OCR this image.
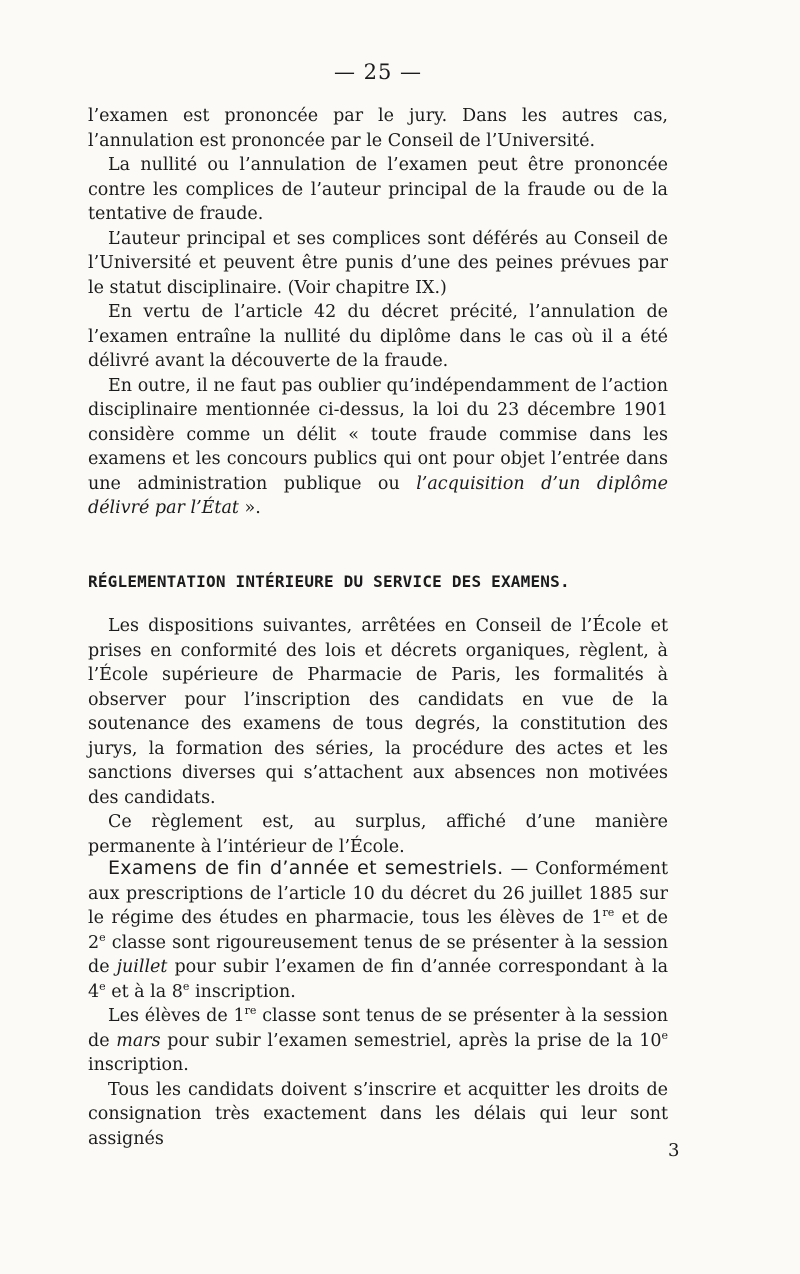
— 25 —

l’examen est prononcée par le jury. Dans les autres cas, l’annulation est prononcée par le Conseil de l’Université.

La nullité ou l’annulation de l’examen peut être prononcée contre les complices de l’auteur principal de la fraude ou de la tentative de fraude.

L’auteur principal et ses complices sont déférés au Conseil de l’Université et peuvent être punis d’une des peines prévues par le statut disciplinaire. (Voir chapitre IX.)

En vertu de l’article 42 du décret précité, l’annulation de l’examen entraîne la nullité du diplôme dans le cas où il a été délivré avant la découverte de la fraude.

En outre, il ne faut pas oublier qu’indépendamment de l’action disciplinaire mentionnée ci-dessus, la loi du 23 décembre 1901 considère comme un délit « toute fraude commise dans les examens et les concours publics qui ont pour objet l’entrée dans une administration publique ou l’acquisition d’un diplôme délivré par l’État ».

RÉGLEMENTATION INTÉRIEURE DU SERVICE DES EXAMENS.

Les dispositions suivantes, arrêtées en Conseil de l’École et prises en conformité des lois et décrets organiques, règlent, à l’École supérieure de Pharmacie de Paris, les formalités à observer pour l’inscription des candidats en vue de la soutenance des examens de tous degrés, la constitution des jurys, la formation des séries, la procédure des actes et les sanctions diverses qui s’attachent aux absences non motivées des candidats.

Ce règlement est, au surplus, affiché d’une manière permanente à l’intérieur de l’École.

Examens de fin d’année et semestriels. — Conformément aux prescriptions de l’article 10 du décret du 26 juillet 1885 sur le régime des études en pharmacie, tous les élèves de 1re et de 2e classe sont rigoureusement tenus de se présenter à la session de juillet pour subir l’examen de fin d’année correspondant à la 4e et à la 8e inscription.

Les élèves de 1re classe sont tenus de se présenter à la session de mars pour subir l’examen semestriel, après la prise de la 10e inscription.

Tous les candidats doivent s’inscrire et acquitter les droits de consignation très exactement dans les délais qui leur sont assignés

3
